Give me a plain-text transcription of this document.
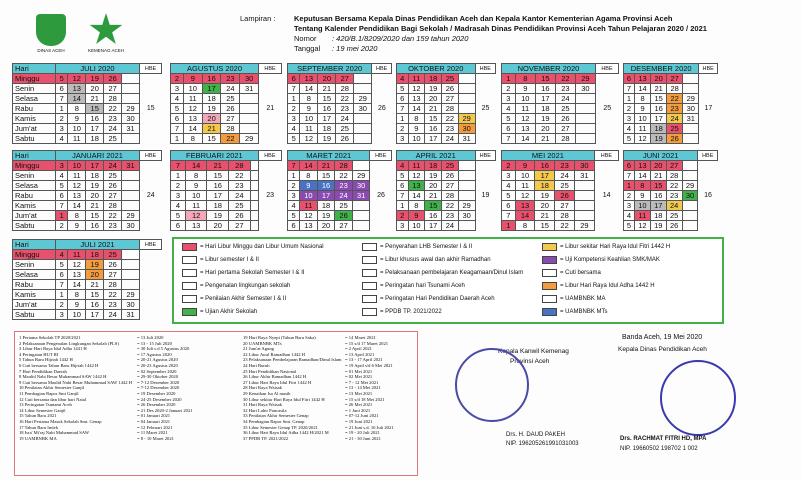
DINAS ACEH	KEMENAG ACEH
Lampiran : Keputusan Bersama Kepala Dinas Pendidikan Aceh dan Kepala Kantor Kementerian Agama Provinsi Aceh
Tentang Kalender Pendidikan Bagi Sekolah / Madrasah Dinas Pendidikan Provinsi Aceh Tahun Pelajaran 2020 / 2021
Nomor : 420/B.1/8209/2020 dan 159 tahun 2020
Tanggal : 19 mei 2020
Hari	JULI 2020					HBE
Minggu	5	12	19	26		15
Senin	6	13	20	27		
Selasa	7	14	21	28		
Rabu	1	8	15	22	29	
Kamis	2	9	16	23	30	
Jum'at	3	10	17	24	31	
Sabtu	4	11	18	25		
AGUSTUS 2020					HBE
2	9	16	23	30	21
3	10	17	24	31	
4	11	18	25		
5	12	19	26		
6	13	20	27		
7	14	21	28		
1	8	15	22	29	
SEPTEMBER 2020					HBE
6	13	20	27		26
7	14	21	28		
1	8	15	22	29	
2	9	16	23	30	
3	10	17	24		
4	11	18	25		
5	12	19	26		
OKTOBER 2020					HBE
4	11	18	25		25
5	12	19	26		
6	13	20	27		
7	14	21	28		
1	8	15	22	29	
2	9	16	23	30	
3	10	17	24	31	
NOVEMBER 2020					HBE
1	8	15	22	29	25
2	9	16	23	30	
3	10	17	24		
4	11	18	25		
5	12	19	26		
6	13	20	27		
7	14	21	28		
DESEMBER 2020					HBE
6	13	20	27		17
7	14	21	28		
1	8	15	22	29	
2	9	16	23	30	
3	10	17	24	31	
4	11	18	25		
5	12	19	26		
Hari	JANUARI 2021					HBE
Minggu	3	10	17	24	31	24
Senin	4	11	18	25		
Selasa	5	12	19	26		
Rabu	6	13	20	27		
Kamis	7	14	21	28		
Jum'at	1	8	15	22	29	
Sabtu	2	9	16	23	30	
FEBRUARI 2021					HBE
7	14	21	28		23
1	8	15	22		
2	9	16	23		
3	10	17	24		
4	11	18	25		
5	12	19	26		
6	13	20	27		
MARET 2021					HBE
7	14	21	28		26
1	8	15	22	29	
2	9	16	23	30	
3	10	17	24	31	
4	11	18	25		
5	12	19	26		
6	13	20	27		
APRIL 2021					HBE
4	11	18	25		19
5	12	19	26		
6	13	20	27		
7	14	21	28		
1	8	15	22	29	
2	9	16	23	30	
3	10	17	24		
MEI 2021					HBE
2	9	16	23	30	14
3	10	17	24	31	
4	11	18	25		
5	12	19	26		
6	13	20	27		
7	14	21	28		
1	8	15	22	29	
JUNI 2021					HBE
6	13	20	27		16
7	14	21	28		
1	8	15	22	29	
2	9	16	23	30	
3	10	17	24		
4	11	18	25		
5	12	19	26		
Hari	JULI 2021					HBE
Minggu	4	11	18	25		
Senin	5	12	19	26		
Selasa	6	13	20	27		
Rabu	7	14	21	28		
Kamis	1	8	15	22	29	
Jum'at	2	9	16	23	30	
Sabtu	3	10	17	24	31	
= Hari Libur Minggu dan Libur Umum Nasional
= Libur semester I & II
= Hari pertama Sekolah Semester I & II
= Pengenalan lingkungan sekolah
= Penilaian Akhir Semester I & II
= Ujian Akhir Sekolah
= Penyerahan LHB Semester I & II
= Libur khusus awal dan akhir Ramadhan
= Pelaksanaan pembelajaran Keagamaan/Dinul Islam
= Peringatan hari Tsunami Aceh
= Peringatan Hari Pendidikan Daerah Aceh
= PPDB TP. 2021/2022
= Libur sekitar Hari Raya Idul Fitri 1442 H
= Uji Kompetensi Keahlian SMK/MAK
= Cuti bersama
= Libur Hari Raya Idul Adha 1442 H
= UAMBNBK MA
= UAMBNBK MTs
1 Pertama Sekolah TP 2020/2021
2 Pelaksanaan Pengenalan Lingkungan Sekolah (PLS)
3 Libur Hari Raya Idul Adha 1441 H
4 Peringatan HUT RI
5 Tahun Baru Hijriah 1442 H
6 Cuti bersama Tahun Baru Hijriah 1442 H
7 Hari Pendidikan Daerah
8 Maulid Nabi Besar Muhammad SAW 1442 H
9 Cuti bersama Maulid Nabi Besar Muhammad SAW 1442 H
10 Penilaian Akhir Semester Ganjil
11 Pembagian Rapor Smt Ganjil
12 Cuti bersama dan libur hari Natal
13 Peringatan Tsunami Aceh
14 Libur Semester Ganjil
15 Tahun Baru 2021
16 Hari Pertama Masuk Sekolah Smt. Genap
17 Tahun Baru Imlek
18 Isra' Mi'raj Nabi Muhammad SAW
19 UAMBNBK MA
= 13 Juli 2020
= 13 - 15 Juli 2020
= 30 Juli s.d 5 Agustus 2020
= 17 Agustus 2020
= 20-21 Agustus 2020
= 20-23 Agustus 2020
= 02 September 2020
= 29-30 Oktober 2020
= 7-12 Desember 2020
= 7-12 Desember 2020
= 19 Desember 2020
= 24-25 Desember 2020
= 26 Desember 2020
= 21 Des 2020-2 Januari 2021
= 01 Januari 2021
= 04 Januari 2021
= 12 Februari 2021
= 11 Maret 2021
= 8 - 10 Maret 2021
19 Hari Raya Nyepi (Tahun Baru Saka)
20 UAMBNBK MTs
21 Jum'at Agung
22 Libur Awal Ramadhan 1442 H
23 Pelaksanaan Pembelajaran Ramadhan/Dinul Islam
24 Hari Buruh
25 Hari Pendidikan Nasional
26 Libur Akhir Ramadhan 1442 H
27 Libur Hari Raya Idul Fitri 1442 H
28 Hari Raya Waisak
29 Kenaikan Isa Al masih
30 Libur sekitar Hari Raya Idul Fitri 1442 H
31 Hari Raya Waisak
32 Hari Lahir Pancasila
33 Penilaian Akhir Semester Genap
34 Pembagian Rapor Smt. Genap
35 Libur Semester Genap TP. 2020/2021
36 Libur Hari Raya Idul Adha 1442 H/2021 M
37 PPDB TP. 2021/2022
= 14 Maret 2021
= 15 s/d 17 Maret 2021
= 2 April 2021
= 13 April 2021
= 13 - 17 April 2021
= 19 April s/d 6 Mei 2021
= 01 Mei 2021
= 02 Mei 2021
= 7 - 12 Mei 2021
= 13 - 14 Mei 2021
= 13 Mei 2021
= 15 s/d 18 Mei 2021
= 26 Mei 2021
= 1 Juni 2021
= 07-12 Juni 2021
= 19 Juni 2021
= 21 Juni s.d. 10 Juli 2021
= 19 - 20 Juli 2021
= 21 - 30 Juni 2021
Banda Aceh, 19 Mei 2020
Kepala Kanwil Kemenag
Provinsi Aceh
Kepala Dinas Pendidikan Aceh
Drs. H. DAUD PAKEH
NIP. 196205261991031003
Drs. RACHMAT FITRI HD, MPA
NIP. 19660502 198702 1 002
